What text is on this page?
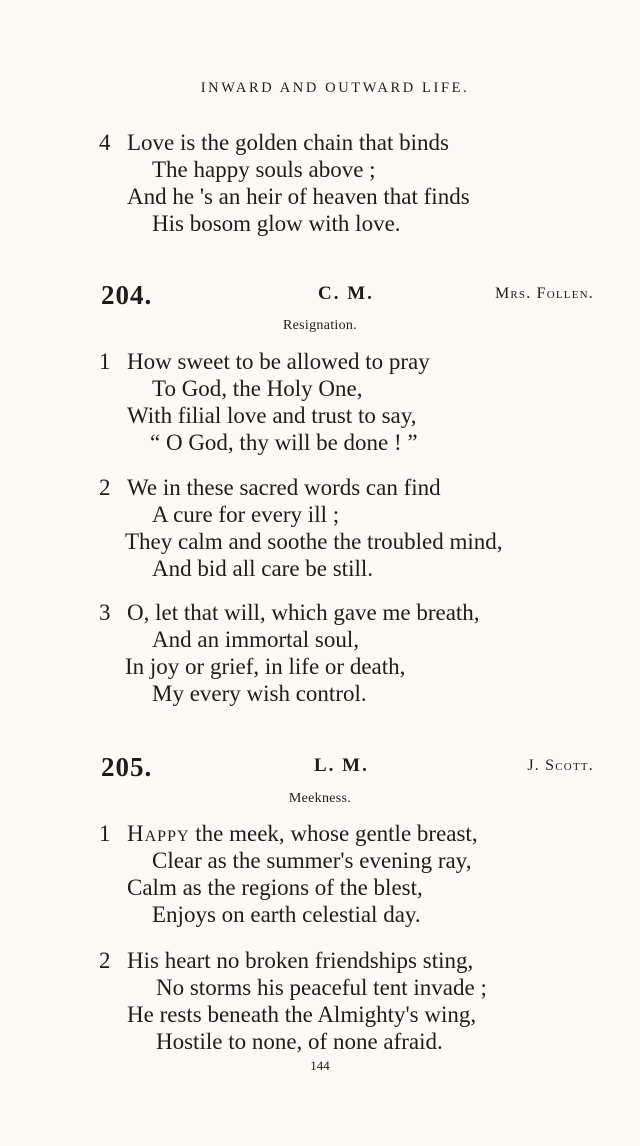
INWARD AND OUTWARD LIFE.
4 Love is the golden chain that binds
The happy souls above ;
And he 's an heir of heaven that finds
His bosom glow with love.
204.	C. M.	Mrs. Follen.
Resignation.
1 How sweet to be allowed to pray
To God, the Holy One,
With filial love and trust to say,
“ O God, thy will be done ! ”
2 We in these sacred words can find
A cure for every ill ;
They calm and soothe the troubled mind,
And bid all care be still.
3 O, let that will, which gave me breath,
And an immortal soul,
In joy or grief, in life or death,
My every wish control.
205.	L. M.	J. Scott.
Meekness.
1 Happy the meek, whose gentle breast,
Clear as the summer's evening ray,
Calm as the regions of the blest,
Enjoys on earth celestial day.
2 His heart no broken friendships sting,
No storms his peaceful tent invade ;
He rests beneath the Almighty's wing,
Hostile to none, of none afraid.
144
